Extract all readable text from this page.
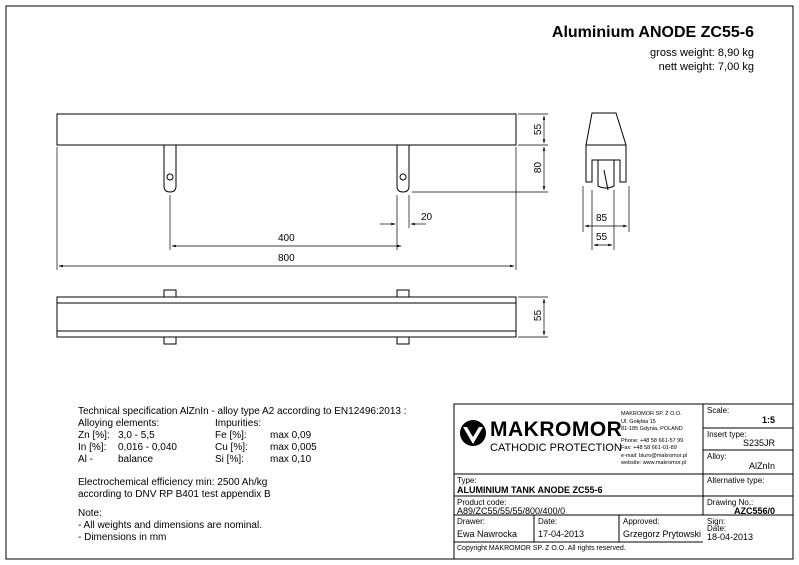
Aluminium ANODE ZC55-6
gross weight: 8,90 kg
nett weight: 7,00 kg
55
80
20
400
800
85
55
55
Technical specification AlZnIn - alloy type A2 according to EN12496:2013 :
Alloying elements:	Impurities:
Zn [%]: 3,0 - 5,5	Fe [%]: max 0,09
In [%]: 0,016 - 0,040	Cu [%]: max 0,005
Al -	balance	Si [%]:	max 0,10
Electrochemical efficiency min: 2500 Ah/kg
according to DNV RP B401 test appendix B
Note:
- All weights and dimensions are nominal.
- Dimensions in mm
MAKROMOR
CATHODIC PROTECTION
MAKROMOR SP. Z O.O.
Ul. Gołębia 15
81-185 Gdynia, POLAND
Phone: +48 58 661-57 99
Fax: +48 58 661-01-89
e-mail: biuro@makromor.pl
website: www.makromor.pl
Scale:
1:5
Insert type:
S235JR
Alloy:
AlZnIn
Type:
ALUMINIUM TANK ANODE ZC55-6
Alternative type:
Product code:
A89/ZC55/55/55/800/400/0
Drawing No.:
AZC556/0
Drawer:
Ewa Nawrocka
Date:
17-04-2013
Approved:
Grzegorz Prytowski
Sign:
Date:
18-04-2013
Copyright MAKROMOR SP. Z O.O. All rights reserved.
